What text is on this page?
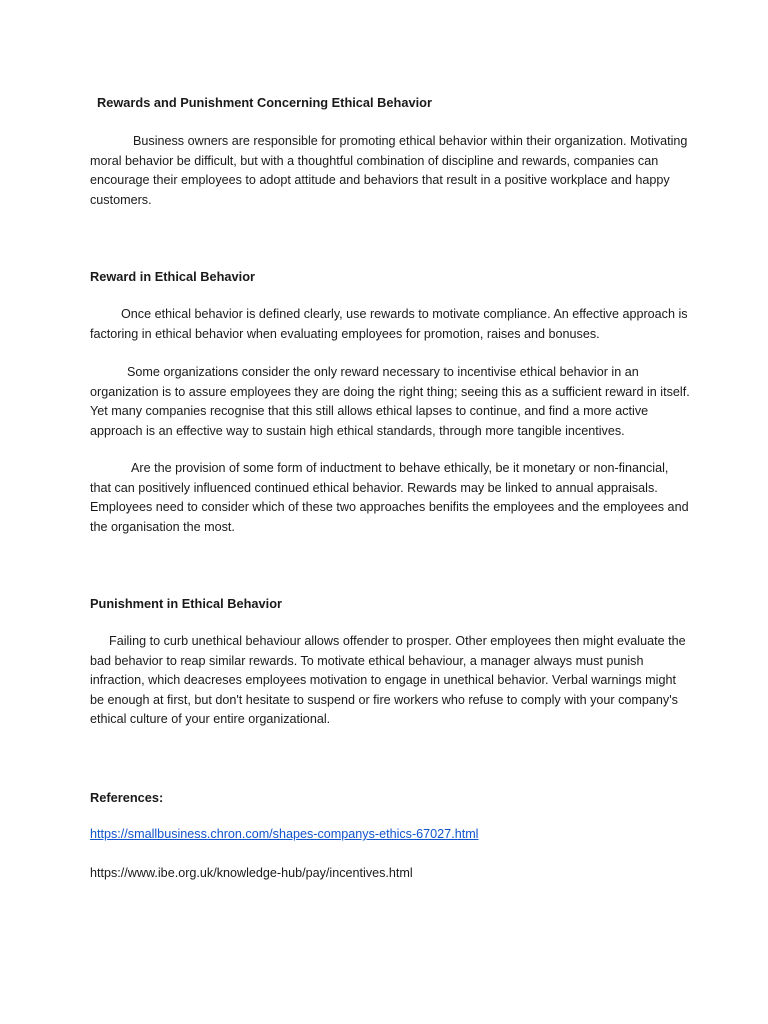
Rewards and Punishment Concerning Ethical Behavior

Business owners are responsible for promoting ethical behavior within their organization. Motivating moral behavior be difficult, but with a thoughtful combination of discipline and rewards, companies can encourage their employees to adopt attitude and behaviors that result in a positive workplace and happy customers.

Reward in Ethical Behavior

Once ethical behavior is defined clearly, use rewards to motivate compliance. An effective approach is factoring in ethical behavior when evaluating employees for promotion, raises and bonuses.

Some organizations consider the only reward necessary to incentivise ethical behavior in an organization is to assure employees they are doing the right thing; seeing this as a sufficient reward in itself. Yet many companies recognise that this still allows ethical lapses to continue, and find a more active approach is an effective way to sustain high ethical standards, through more tangible incentives.

Are the provision of some form of inductment to behave ethically, be it monetary or non-financial, that can positively influenced continued ethical behavior. Rewards may be linked to annual appraisals. Employees need to consider which of these two approaches benifits the employees and the employees and the organisation the most.

Punishment in Ethical Behavior

Failing to curb unethical behaviour allows offender to prosper. Other employees then might evaluate the bad behavior to reap similar rewards. To motivate ethical behaviour, a manager always must punish infraction, which deacreses employees motivation to engage in unethical behavior. Verbal warnings might be enough at first, but don't hesitate to suspend or fire workers who refuse to comply with your company's ethical culture of your entire organizational.

References:
https://smallbusiness.chron.com/shapes-companys-ethics-67027.html
https://www.ibe.org.uk/knowledge-hub/pay/incentives.html
